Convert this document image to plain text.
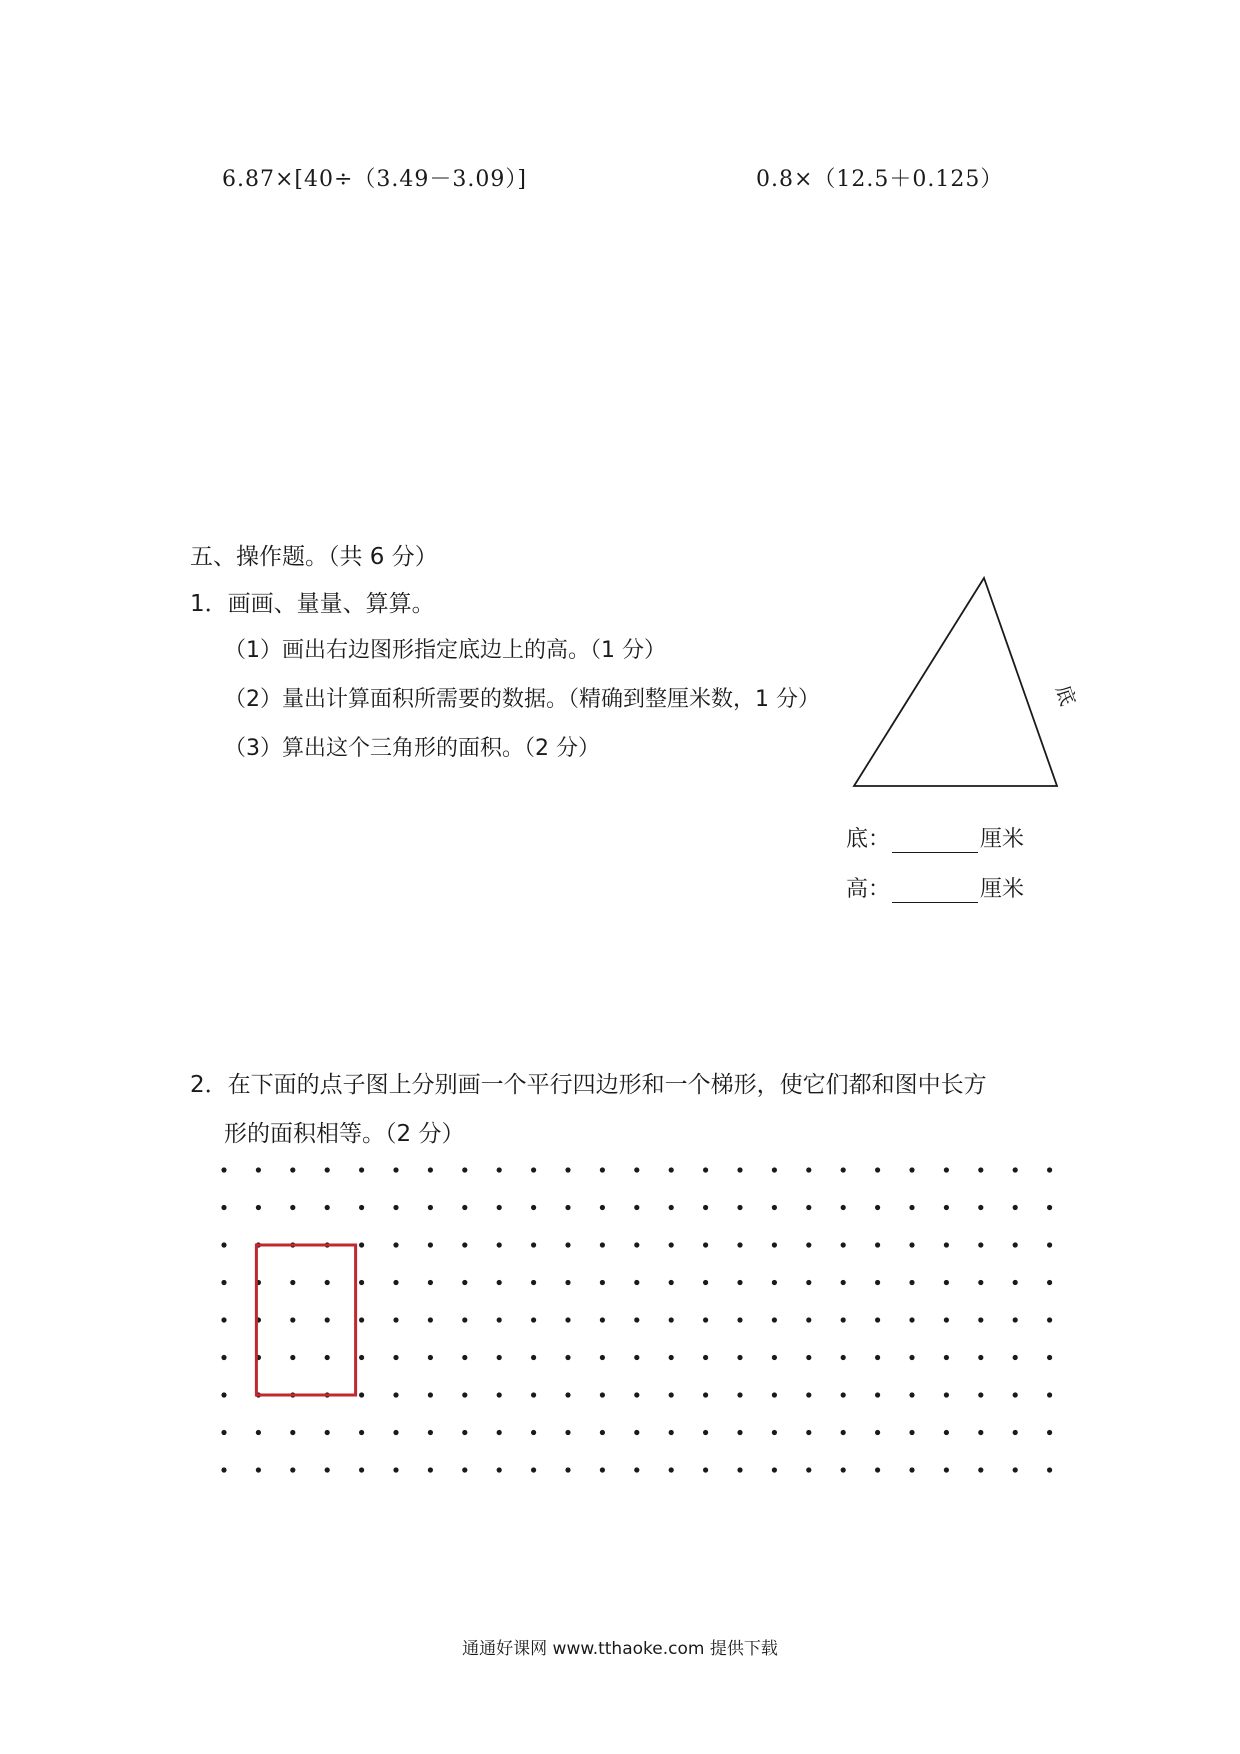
6.87×[40÷（3.49－3.09）]	0.8×（12.5＋0.125）
五、操作题。（共 6 分）
1．画画、量量、算算。
（1）画出右边图形指定底边上的高。（1 分）
（2）量出计算面积所需要的数据。（精确到整厘米数，1 分）
（3）算出这个三角形的面积。（2 分）
底
底：	厘米
高：	厘米
2．在下面的点子图上分别画一个平行四边形和一个梯形，使它们都和图中长方
形的面积相等。（2 分）
通通好课网 www.tthaoke.com 提供下载
